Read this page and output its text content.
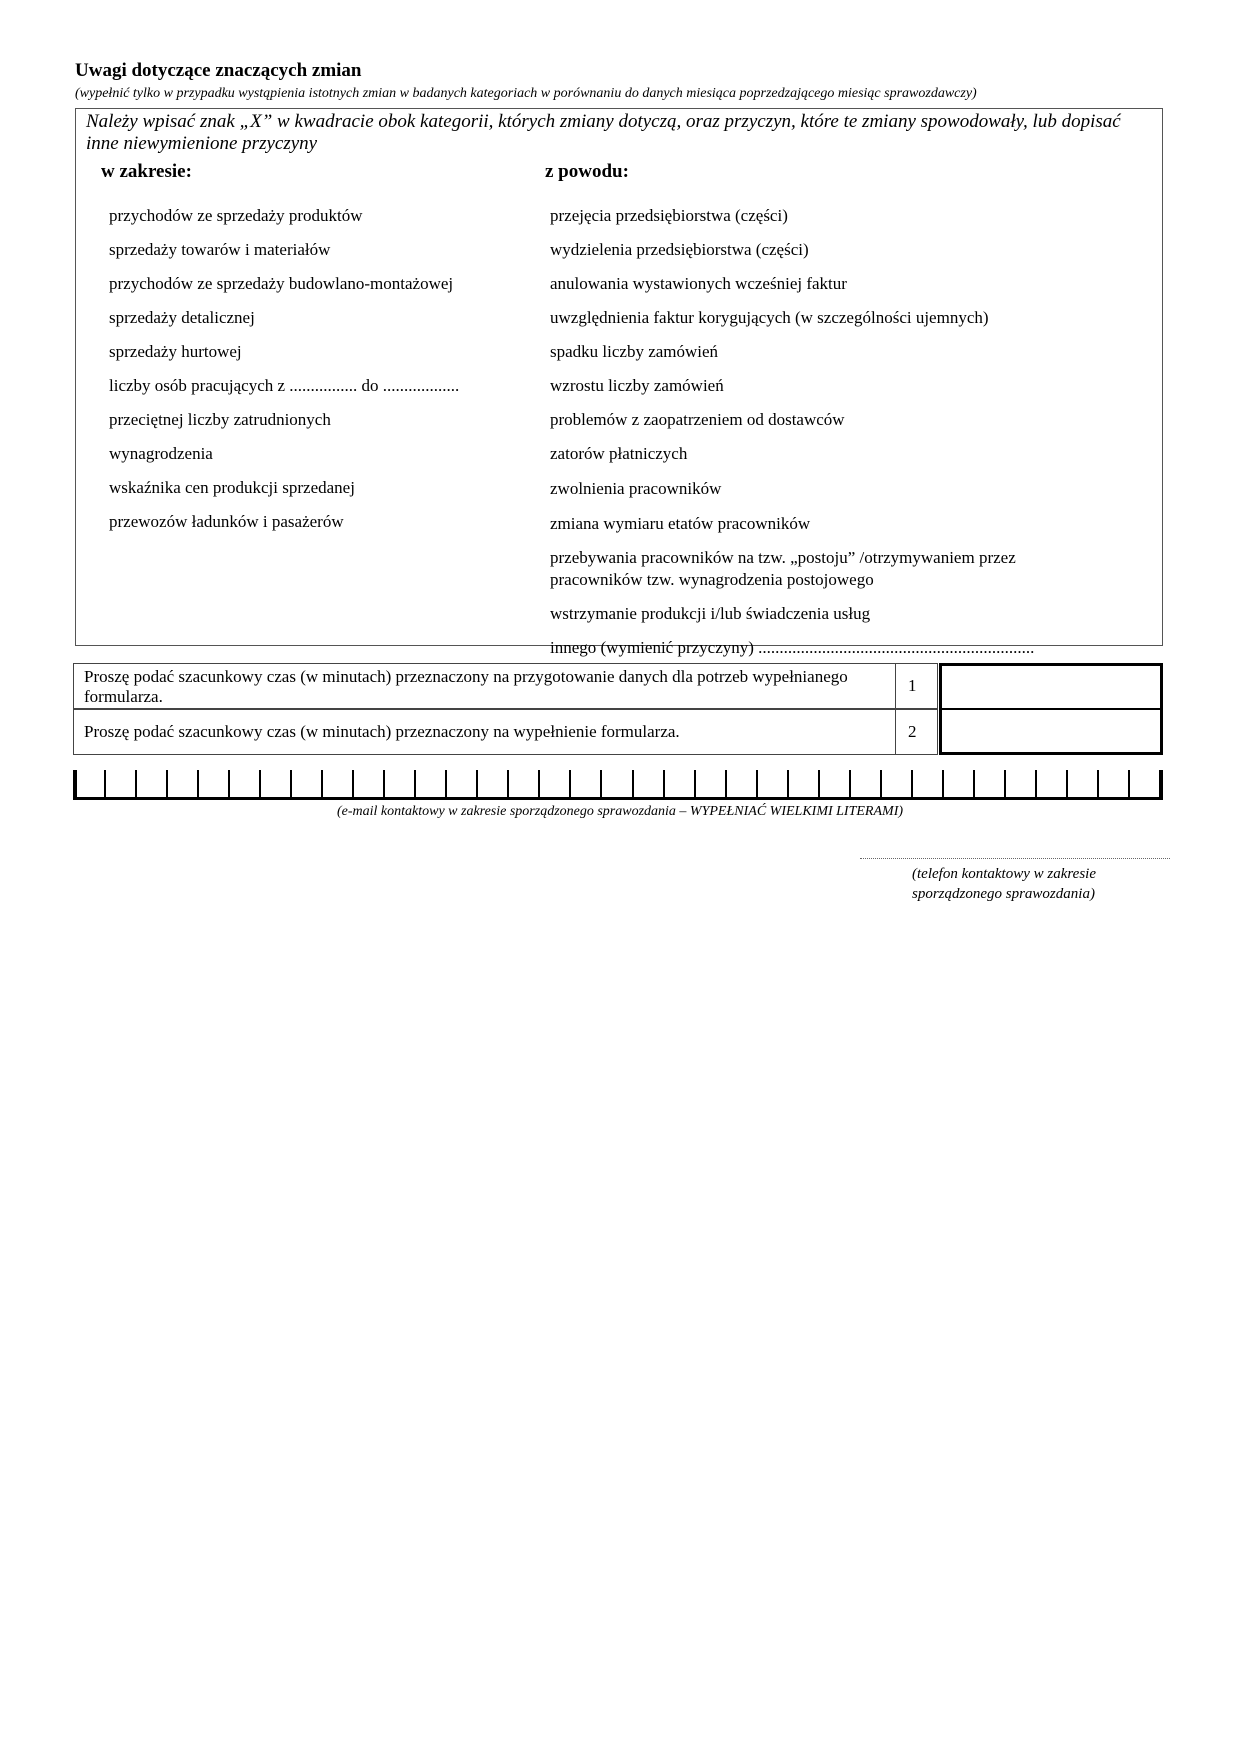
Uwagi dotyczące znaczących zmian
(wypełnić tylko w przypadku wystąpienia istotnych zmian w badanych kategoriach w porównaniu do danych miesiąca poprzedzającego miesiąc sprawozdawczy)
Należy wpisać znak „X” w kwadracie obok kategorii, których zmiany dotyczą, oraz przyczyn, które te zmiany spowodowały, lub dopisać inne niewymienione przyczyny
w zakresie:	z powodu:
przychodów ze sprzedaży produktów
sprzedaży towarów i materiałów
przychodów ze sprzedaży budowlano-montażowej
sprzedaży detalicznej
sprzedaży hurtowej
liczby osób pracujących z ................ do ..................
przeciętnej liczby zatrudnionych
wynagrodzenia
wskaźnika cen produkcji sprzedanej
przewozów ładunków i pasażerów
przejęcia przedsiębiorstwa (części)
wydzielenia przedsiębiorstwa (części)
anulowania wystawionych wcześniej faktur
uwzględnienia faktur korygujących (w szczególności ujemnych)
spadku liczby zamówień
wzrostu liczby zamówień
problemów z zaopatrzeniem od dostawców
zatorów płatniczych
zwolnienia pracowników
zmiana wymiaru etatów pracowników
przebywania pracowników na tzw. „postoju” /otrzymywaniem przez pracowników tzw. wynagrodzenia postojowego
wstrzymanie produkcji i/lub świadczenia usług
innego (wymienić przyczyny) .................................................................
Proszę podać szacunkowy czas (w minutach) przeznaczony na przygotowanie danych dla potrzeb wypełnianego formularza.
1
Proszę podać szacunkowy czas (w minutach) przeznaczony na wypełnienie formularza.	2
(e-mail kontaktowy w zakresie sporządzonego sprawozdania – WYPEŁNIAĆ WIELKIMI LITERAMI)
(telefon kontaktowy w zakresie sporządzonego sprawozdania)
